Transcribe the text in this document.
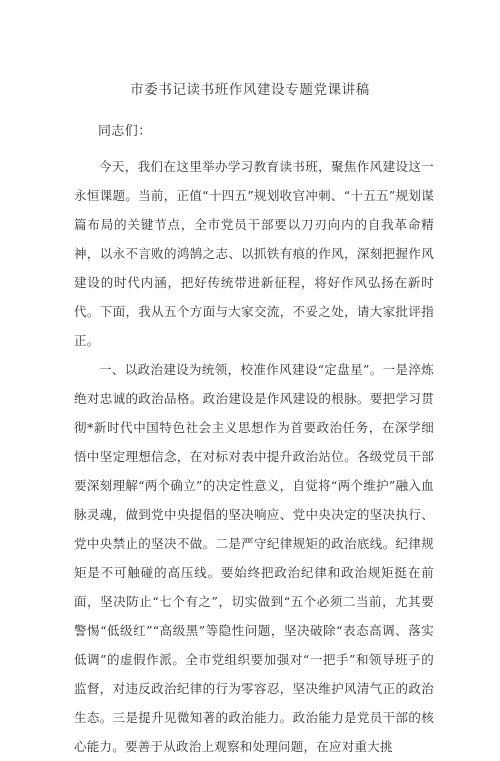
市委书记读书班作风建设专题党课讲稿
同志们：

今天，我们在这里举办学习教育读书班，聚焦作风建设这一永恒课题。当前，正值“十四五”规划收官冲刺、“十五五”规划谋篇布局的关键节点，全市党员干部要以刀刃向内的自我革命精神，以永不言败的鸿鹄之志、以抓铁有痕的作风，深刻把握作风建设的时代内涵，把好传统带进新征程，将好作风弘扬在新时代。下面，我从五个方面与大家交流，不妥之处，请大家批评指正。

一、以政治建设为统领，校准作风建设“定盘星”。一是淬炼绝对忠诚的政治品格。政治建设是作风建设的根脉。要把学习贯彻*新时代中国特色社会主义思想作为首要政治任务，在深学细悟中坚定理想信念，在对标对表中提升政治站位。各级党员干部要深刻理解“两个确立”的决定性意义，自觉将“两个维护”融入血脉灵魂，做到党中央提倡的坚决响应、党中央决定的坚决执行、党中央禁止的坚决不做。二是严守纪律规矩的政治底线。纪律规矩是不可触碰的高压线。要始终把政治纪律和政治规矩挺在前面，坚决防止“七个有之”，切实做到“五个必须二当前，尤其要警惕“低级红”“高级黑”等隐性问题，坚决破除“表态高调、落实低调”的虚假作派。全市党组织要加强对“一把手”和领导班子的监督，对违反政治纪律的行为零容忍，坚决维护风清气正的政治生态。三是提升见微知著的政治能力。政治能力是党员干部的核心能力。要善于从政治上观察和处理问题，在应对重大挑
